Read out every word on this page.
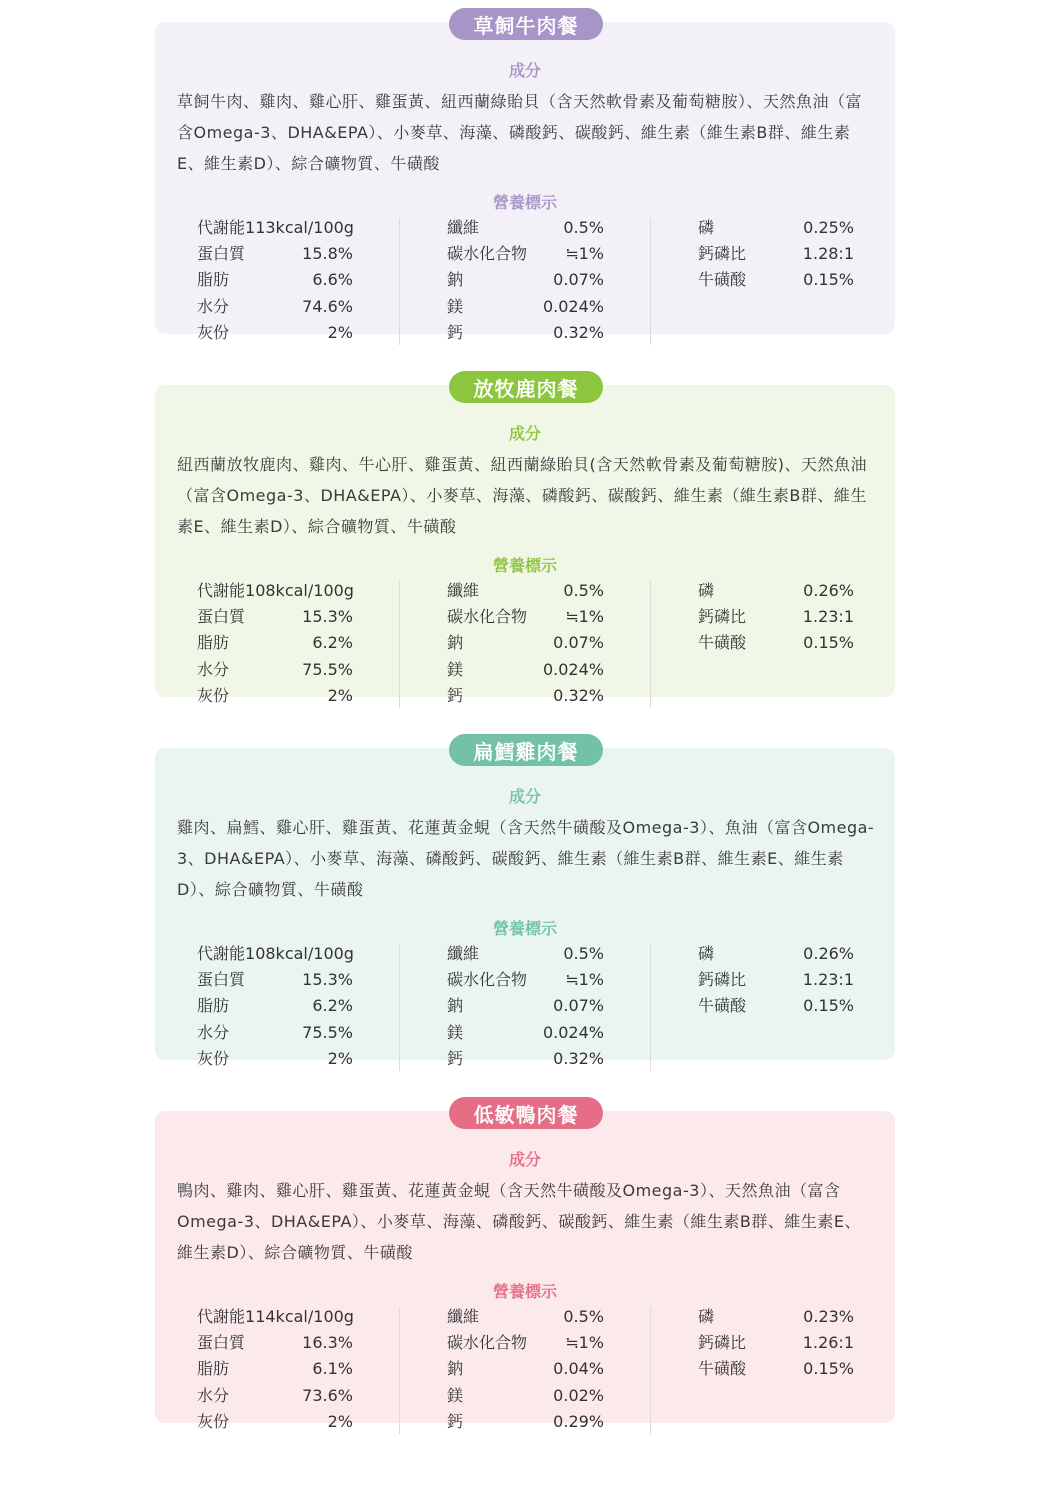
草飼牛肉餐
成分
草飼牛肉、雞肉、雞心肝、雞蛋黃、紐西蘭綠貽貝（含天然軟骨素及葡萄糖胺）、天然魚油（富含Omega-3、DHA&EPA）、小麥草、海藻、磷酸鈣、碳酸鈣、維生素（維生素B群、維生素E、維生素D）、綜合礦物質、牛磺酸
營養標示
代謝能 113kcal/100g
蛋白質	15.8%
脂肪	6.6%
水分	74.6%
灰份	2%
纖維	0.5%
碳水化合物 ≒1%
鈉	0.07%
鎂	0.024%
鈣	0.32%
磷	0.25%
鈣磷比	1.28:1
牛磺酸	0.15%
放牧鹿肉餐
成分
紐西蘭放牧鹿肉、雞肉、牛心肝、雞蛋黃、紐西蘭綠貽貝(含天然軟骨素及葡萄糖胺)、天然魚油（富含Omega-3、DHA&EPA）、小麥草、海藻、磷酸鈣、碳酸鈣、維生素（維生素B群、維生素E、維生素D）、綜合礦物質、牛磺酸
營養標示
代謝能 108kcal/100g
蛋白質	15.3%
脂肪	6.2%
水分	75.5%
灰份	2%
纖維	0.5%
碳水化合物 ≒1%
鈉	0.07%
鎂	0.024%
鈣	0.32%
磷	0.26%
鈣磷比	1.23:1
牛磺酸	0.15%
扁鱈雞肉餐
成分
雞肉、扁鱈、雞心肝、雞蛋黃、花蓮黃金蜆（含天然牛磺酸及Omega-3）、魚油（富含Omega-3、DHA&EPA）、小麥草、海藻、磷酸鈣、碳酸鈣、維生素（維生素B群、維生素E、維生素D）、綜合礦物質、牛磺酸
營養標示
代謝能 108kcal/100g
蛋白質	15.3%
脂肪	6.2%
水分	75.5%
灰份	2%
纖維	0.5%
碳水化合物 ≒1%
鈉	0.07%
鎂	0.024%
鈣	0.32%
磷	0.26%
鈣磷比	1.23:1
牛磺酸	0.15%
低敏鴨肉餐
成分
鴨肉、雞肉、雞心肝、雞蛋黃、花蓮黃金蜆（含天然牛磺酸及Omega-3）、天然魚油（富含Omega-3、DHA&EPA）、小麥草、海藻、磷酸鈣、碳酸鈣、維生素（維生素B群、維生素E、維生素D）、綜合礦物質、牛磺酸
營養標示
代謝能 114kcal/100g
蛋白質	16.3%
脂肪	6.1%
水分	73.6%
灰份	2%
纖維	0.5%
碳水化合物 ≒1%
鈉	0.04%
鎂	0.02%
鈣	0.29%
磷	0.23%
鈣磷比	1.26:1
牛磺酸	0.15%
